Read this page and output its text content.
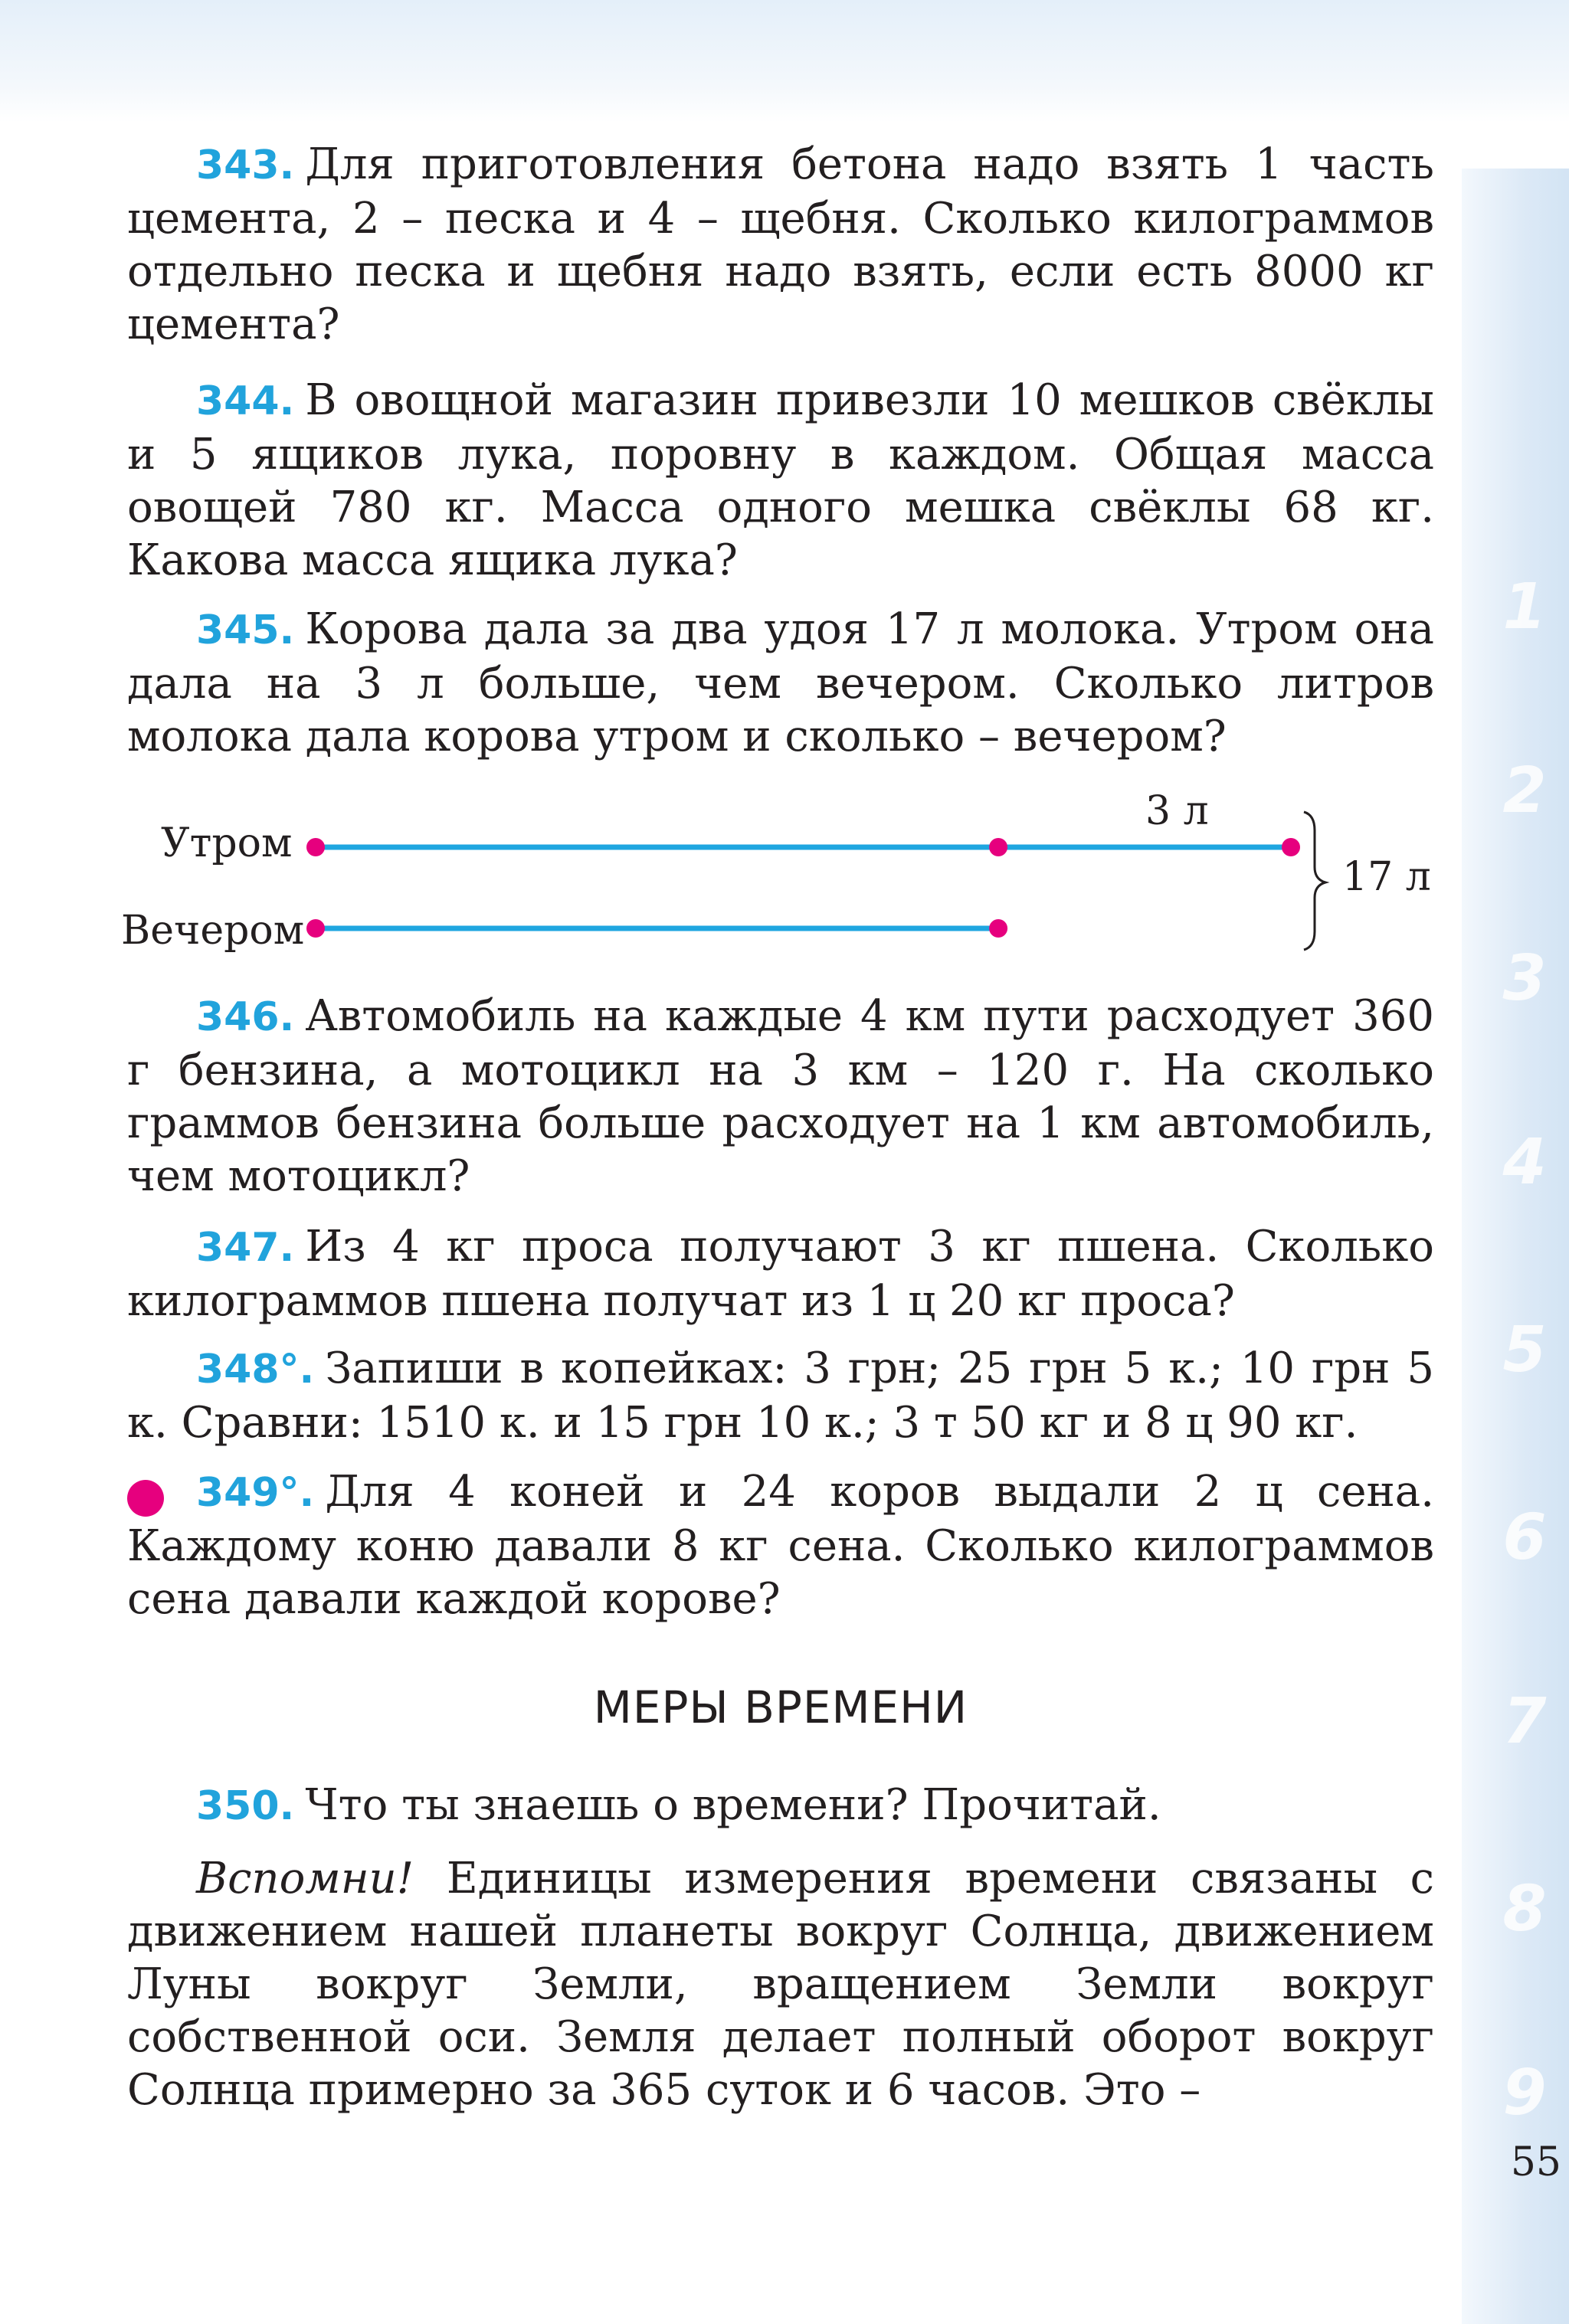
1
2
3
4
5
6
7
8
9
343. Для приготовления бетона надо взять 1 часть цемента, 2 – песка и 4 – щебня. Сколько килограммов отдельно песка и щебня надо взять, если есть 8000 кг цемента?
344. В овощной магазин привезли 10 мешков свёклы и 5 ящиков лука, поровну в каждом. Общая масса овощей 780 кг. Масса одного мешка свёклы 68 кг. Какова масса ящика лука?
345. Корова дала за два удоя 17 л молока. Утром она дала на 3 л больше, чем вечером. Сколько литров молока дала корова утром и сколько – вечером?
346. Автомобиль на каждые 4 км пути расходует 360 г бензина, а мотоцикл на 3 км – 120 г. На сколько граммов бензина больше расходует на 1 км автомобиль, чем мотоцикл?
347. Из 4 кг проса получают 3 кг пшена. Сколько килограммов пшена получат из 1 ц 20 кг проса?
348°. Запиши в копейках: 3 грн; 25 грн 5 к.; 10 грн 5 к. Сравни: 1510 к. и 15 грн 10 к.; 3 т 50 кг и 8 ц 90 кг.
349°. Для 4 коней и 24 коров выдали 2 ц сена. Каждому коню давали 8 кг сена. Сколько килограммов сена давали каждой корове?
МЕРЫ ВРЕМЕНИ
350. Что ты знаешь о времени? Прочитай.
Вспомни! Единицы измерения времени связаны с движением нашей планеты вокруг Солнца, движением Луны вокруг Земли, вращением Земли вокруг собственной оси. Земля делает полный оборот вокруг Солнца примерно за 365 суток и 6 часов. Это –
55
Утром
Вечером
3 л
17 л
